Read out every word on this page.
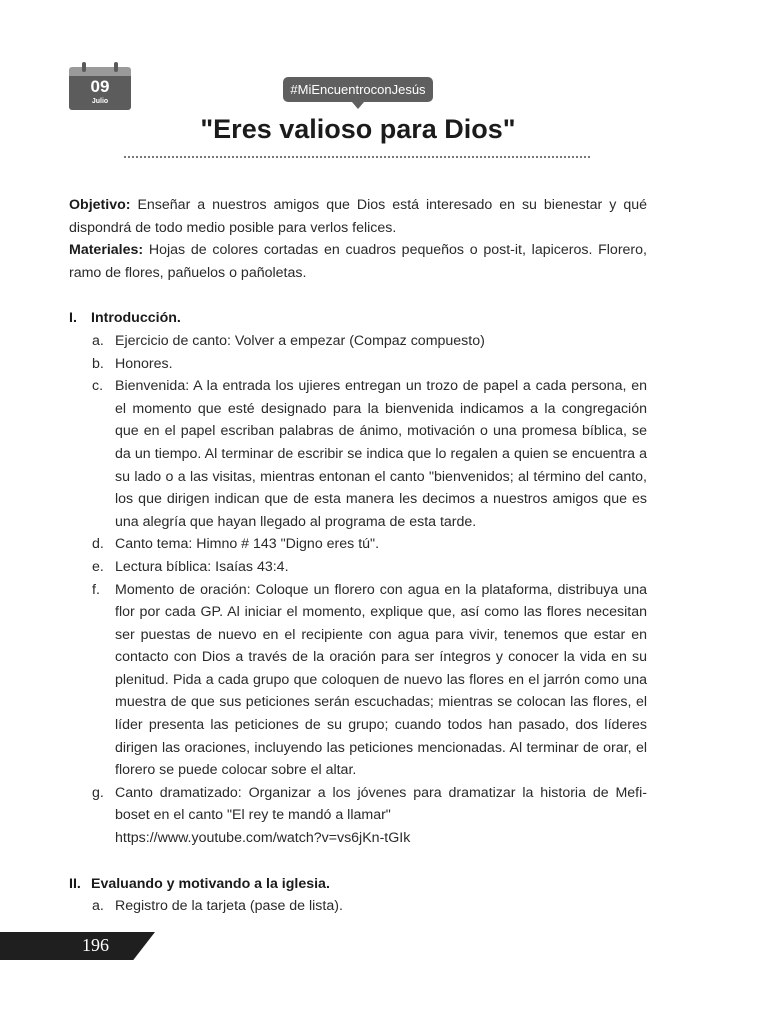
09
Julio
#MiEncuentroconJesús
"Eres valioso para Dios"

Objetivo: Enseñar a nuestros amigos que Dios está interesado en su bienestar y qué dispondrá de todo medio posible para verlos felices.

Materiales: Hojas de colores cortadas en cuadros pequeños o post-it, lapiceros. Florero, ramo de flores, pañuelos o pañoletas.

I. Introducción.
a. Ejercicio de canto: Volver a empezar (Compaz compuesto)
b. Honores.
c. Bienvenida: A la entrada los ujieres entregan un trozo de papel a cada persona, en el momento que esté designado para la bienvenida indicamos a la congregación que en el papel escriban palabras de ánimo, motivación o una promesa bíblica, se da un tiempo. Al terminar de escribir se indica que lo regalen a quien se encuentra a su lado o a las visitas, mientras entonan el canto "bienvenidos; al término del canto, los que dirigen indican que de esta manera les decimos a nuestros amigos que es una alegría que hayan llegado al programa de esta tarde.
d. Canto tema: Himno # 143 "Digno eres tú".
e. Lectura bíblica: Isaías 43:4.
f. Momento de oración: Coloque un florero con agua en la plataforma, distribuya una flor por cada GP. Al iniciar el momento, explique que, así como las flores necesitan ser puestas de nuevo en el recipiente con agua para vivir, tenemos que estar en contacto con Dios a través de la oración para ser íntegros y conocer la vida en su plenitud. Pida a cada grupo que coloquen de nuevo las flores en el jarrón como una muestra de que sus peticiones serán escuchadas; mientras se colocan las flores, el líder presenta las peticiones de su grupo; cuando todos han pasado, dos líderes dirigen las oraciones, incluyendo las peticiones mencionadas. Al terminar de orar, el florero se puede colocar sobre el altar.
g. Canto dramatizado: Organizar a los jóvenes para dramatizar la historia de Mefi-boset en el canto "El rey te mandó a llamar"
https://www.youtube.com/watch?v=vs6jKn-tGIk
II. Evaluando y motivando a la iglesia.
a. Registro de la tarjeta (pase de lista).
196
